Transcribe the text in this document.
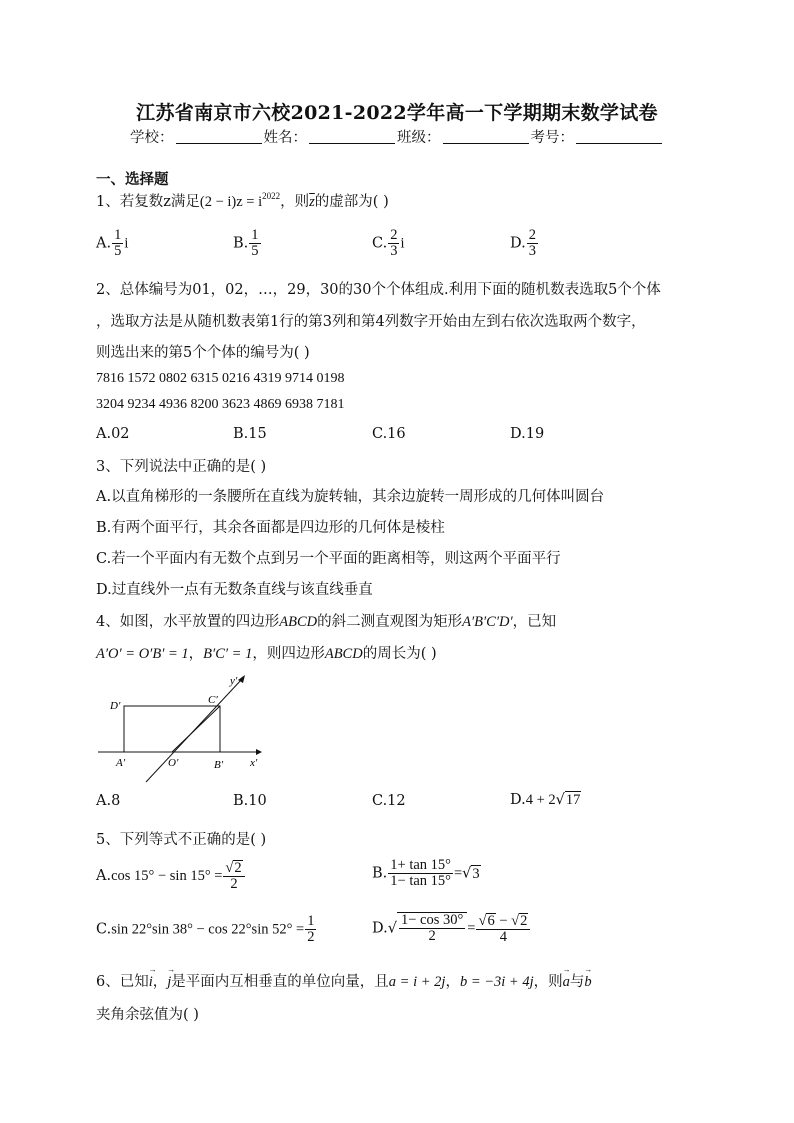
江苏省南京市六校2021-2022学年高一下学期期末数学试卷
学校：	姓名：	班级：	考号：
一、选择题
1、若复数z满足$(2 - i)z = i^{2022}$，则$\overline{z}$的虚部为( )
A. $\frac{1}{5}$ i	B. $\frac{1}{5}$	C. $\frac{2}{3}$ i	D. $\frac{2}{3}$
2、总体编号为01，02，…，29，30的30个个体组成.利用下面的随机数表选取5个个体
，选取方法是从随机数表第1行的第3列和第4列数字开始由左到右依次选取两个数字，
则选出来的第5个个体的编号为( )
7816 1572 0802 6315 0216 4319 9714 0198
3204 9234 4936 8200 3623 4869 6938 7181
A.02	B.15	C.16	D.19
3、下列说法中正确的是( )
A.以直角梯形的一条腰所在直线为旋转轴，其余边旋转一周形成的几何体叫圆台
B.有两个面平行，其余各面都是四边形的几何体是棱柱
C.若一个平面内有无数个点到另一个平面的距离相等，则这两个平面平行
D.过直线外一点有无数条直线与该直线垂直
4、如图，水平放置的四边形ABCD的斜二测直观图为矩形A′B′C′D′，已知
A′O′ = O′B′ = 1，B′C′ = 1，则四边形ABCD的周长为( )
D′	C′
A′	O′	B′ x′
y′
A.8	B.10	C.12	D.4 + 2√17
5、下列等式不正确的是( )
A.cos $15^\circ - \sin 15^\circ = \frac{√2}{2}$	B. $\frac{1+ \tan 15^\circ}{1- \tan 15^\circ} =√3$
C.sin 22°sin 38° − cos 22°sin $52^\circ = \frac{1}{2}$	$D.√ \frac{1- \cos 30^\circ}{2} = \frac{√6 - √2}{4}$
6、已知→ i，→ j是平面内互相垂直的单位向量，且a = i + 2j，b = −3i + 4j，则→ a与→ b
夹角余弦值为( )
